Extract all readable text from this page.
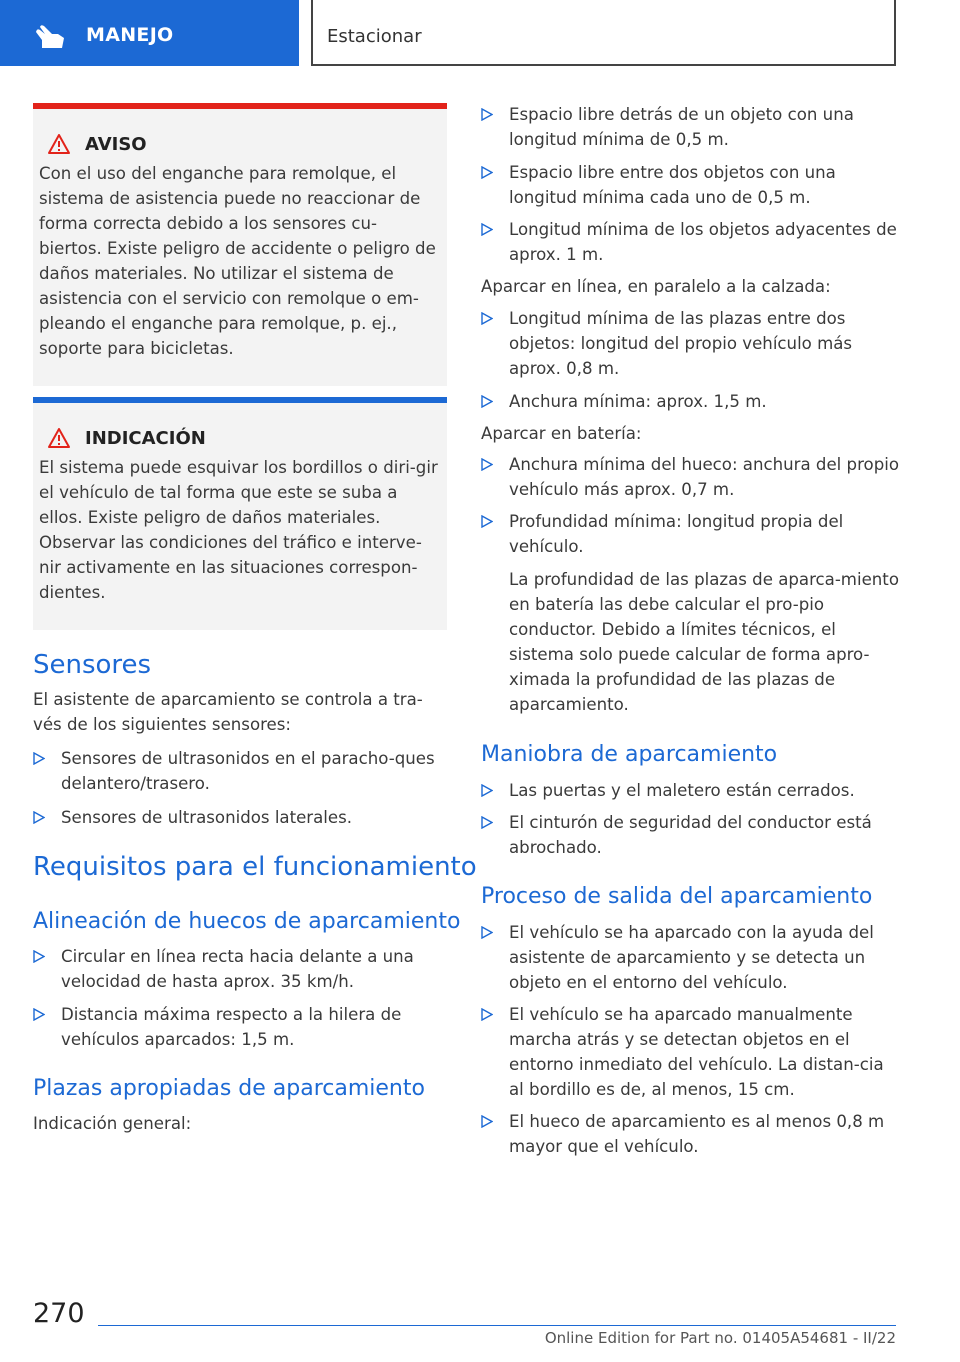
MANEJO	Estacionar
AVISO

Con el uso del enganche para remolque, el sistema de asistencia puede no reaccionar de forma correcta debido a los sensores cu-biertos. Existe peligro de accidente o peligro de daños materiales. No utilizar el sistema de asistencia con el servicio con remolque o em-pleando el enganche para remolque, p. ej., soporte para bicicletas.

INDICACIÓN

El sistema puede esquivar los bordillos o diri-gir el vehículo de tal forma que este se suba a ellos. Existe peligro de daños materiales. Observar las condiciones del tráfico e interve-nir activamente en las situaciones correspon-dientes.

Sensores

El asistente de aparcamiento se controla a tra-vés de los siguientes sensores:

Sensores de ultrasonidos en el paracho-ques delantero/trasero.
Sensores de ultrasonidos laterales.
Requisitos para el funcionamiento
Alineación de huecos de aparcamiento
Circular en línea recta hacia delante a una velocidad de hasta aprox. 35 km/h.
Distancia máxima respecto a la hilera de vehículos aparcados: 1,5 m.
Plazas apropiadas de aparcamiento

Indicación general:

Espacio libre detrás de un objeto con una longitud mínima de 0,5 m.
Espacio libre entre dos objetos con una longitud mínima cada uno de 0,5 m.
Longitud mínima de los objetos adyacentes de aprox. 1 m.

Aparcar en línea, en paralelo a la calzada:

Longitud mínima de las plazas entre dos objetos: longitud del propio vehículo más aprox. 0,8 m.
Anchura mínima: aprox. 1,5 m.

Aparcar en batería:

Anchura mínima del hueco: anchura del propio vehículo más aprox. 0,7 m.
Profundidad mínima: longitud propia del vehículo.

La profundidad de las plazas de aparca-miento en batería las debe calcular el pro-pio conductor. Debido a límites técnicos, el sistema solo puede calcular de forma apro-ximada la profundidad de las plazas de aparcamiento.

Maniobra de aparcamiento
Las puertas y el maletero están cerrados.
El cinturón de seguridad del conductor está abrochado.
Proceso de salida del aparcamiento
El vehículo se ha aparcado con la ayuda del asistente de aparcamiento y se detecta un objeto en el entorno del vehículo.
El vehículo se ha aparcado manualmente marcha atrás y se detectan objetos en el entorno inmediato del vehículo. La distan-cia al bordillo es de, al menos, 15 cm.
El hueco de aparcamiento es al menos 0,8 m mayor que el vehículo.
270
Online Edition for Part no. 01405A54681 - II/22
